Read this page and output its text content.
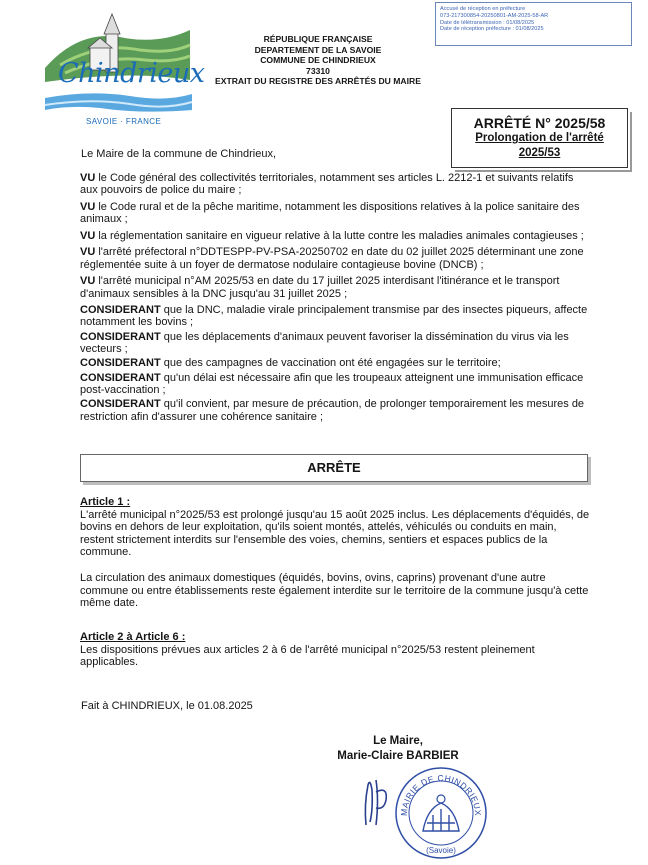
Accusé de réception en préfecture
073-217300854-20250801-AM-2025-58-AR
Date de télétransmission : 01/08/2025
Date de réception préfecture : 01/08/2025
Chindrieux
SAVOIE · FRANCE
RÉPUBLIQUE FRANÇAISE
DEPARTEMENT DE LA SAVOIE
COMMUNE DE CHINDRIEUX
73310
EXTRAIT DU REGISTRE DES ARRÊTÉS DU MAIRE
ARRÊTÉ N° 2025/58
Prolongation de l'arrêté
2025/53
Le Maire de la commune de Chindrieux,

VU le Code général des collectivités territoriales, notamment ses articles L. 2212-1 et suivants relatifs aux pouvoirs de police du maire ;

VU le Code rural et de la pêche maritime, notamment les dispositions relatives à la police sanitaire des animaux ;

VU la réglementation sanitaire en vigueur relative à la lutte contre les maladies animales contagieuses ;

VU l'arrêté préfectoral n°DDTESPP-PV-PSA-20250702 en date du 02 juillet 2025 déterminant une zone réglementée suite à un foyer de dermatose nodulaire contagieuse bovine (DNCB) ;

VU l'arrêté municipal n°AM 2025/53 en date du 17 juillet 2025 interdisant l'itinérance et le transport d'animaux sensibles à la DNC jusqu'au 31 juillet 2025 ;

CONSIDERANT que la DNC, maladie virale principalement transmise par des insectes piqueurs, affecte notamment les bovins ;

CONSIDERANT que les déplacements d'animaux peuvent favoriser la dissémination du virus via les vecteurs ;

CONSIDERANT que des campagnes de vaccination ont été engagées sur le territoire;

CONSIDERANT qu'un délai est nécessaire afin que les troupeaux atteignent une immunisation efficace post-vaccination ;

CONSIDERANT qu'il convient, par mesure de précaution, de prolonger temporairement les mesures de restriction afin d'assurer une cohérence sanitaire ;

ARRÊTE
Article 1 :

L'arrêté municipal n°2025/53 est prolongé jusqu'au 15 août 2025 inclus. Les déplacements d'équidés, de bovins en dehors de leur exploitation, qu'ils soient montés, attelés, véhiculés ou conduits en main, restent strictement interdits sur l'ensemble des voies, chemins, sentiers et espaces publics de la commune.

La circulation des animaux domestiques (équidés, bovins, ovins, caprins) provenant d'une autre commune ou entre établissements reste également interdite sur le territoire de la commune jusqu'à cette même date.

Article 2 à Article 6 :

Les dispositions prévues aux articles 2 à 6 de l'arrêté municipal n°2025/53 restent pleinement applicables.

Fait à CHINDRIEUX, le 01.08.2025
Le Maire,
Marie-Claire BARBIER
MAIRIE DE CHINDRIEUX
(Savoie)
